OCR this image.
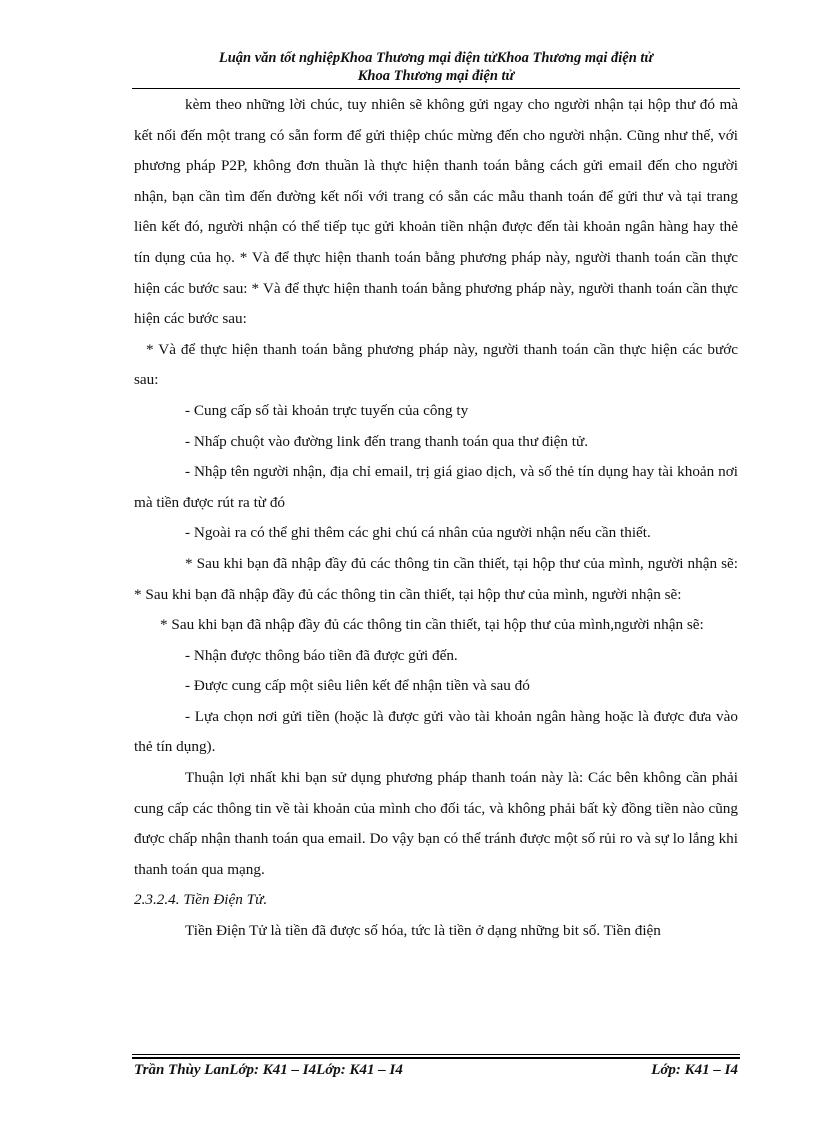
Luận văn tốt nghiệpKhoa Thương mại điện tửKhoa Thương mại điện tử
Khoa Thương mại điện tử

kèm theo những lời chúc, tuy nhiên sẽ không gửi ngay cho người nhận tại hộp thư đó mà kết nối đến một trang có sẵn form để gửi thiệp chúc mừng đến cho người nhận. Cũng như thế, với phương pháp P2P, không đơn thuần là thực hiện thanh toán bằng cách gửi email đến cho người nhận, bạn cần tìm đến đường kết nối với trang có sẵn các mẫu thanh toán để gửi thư và tại trang liên kết đó, người nhận có thể tiếp tục gửi khoản tiền nhận được đến tài khoản ngân hàng hay thẻ tín dụng của họ. * Và để thực hiện thanh toán bằng phương pháp này, người thanh toán cần thực hiện các bước sau: * Và để thực hiện thanh toán bằng phương pháp này, người thanh toán cần thực hiện các bước sau:

* Và để thực hiện thanh toán bằng phương pháp này, người thanh toán cần thực hiện các bước sau:

- Cung cấp số tài khoản trực tuyến của công ty

- Nhấp chuột vào đường link đến trang thanh toán qua thư điện tử.

- Nhập tên người nhận, địa chỉ email, trị giá giao dịch, và số thẻ tín dụng hay tài khoản nơi mà tiền được rút ra từ đó

- Ngoài ra có thể ghi thêm các ghi chú cá nhân của người nhận nếu cần thiết.

* Sau khi bạn đã nhập đầy đủ các thông tin cần thiết, tại hộp thư của mình, người nhận sẽ: * Sau khi bạn đã nhập đầy đủ các thông tin cần thiết, tại hộp thư của mình, người nhận sẽ:

* Sau khi bạn đã nhập đầy đủ các thông tin cần thiết, tại hộp thư của mình,người nhận sẽ:

- Nhận được thông báo tiền đã được gửi đến.

- Được cung cấp một siêu liên kết để nhận tiền và sau đó

- Lựa chọn nơi gửi tiền (hoặc là được gửi vào tài khoản ngân hàng hoặc là được đưa vào thẻ tín dụng).

Thuận lợi nhất khi bạn sử dụng phương pháp thanh toán này là: Các bên không cần phải cung cấp các thông tin về tài khoản của mình cho đối tác, và không phải bất kỳ đồng tiền nào cũng được chấp nhận thanh toán qua email. Do vậy bạn có thể tránh được một số rủi ro và sự lo lắng khi thanh toán qua mạng.

2.3.2.4. Tiền Điện Tử.

Tiền Điện Tử là tiền đã được số hóa, tức là tiền ở dạng những bit số. Tiền điện

Trần Thùy LanLớp: K41 – I4Lớp: K41 – I4	Lớp: K41 – I4
